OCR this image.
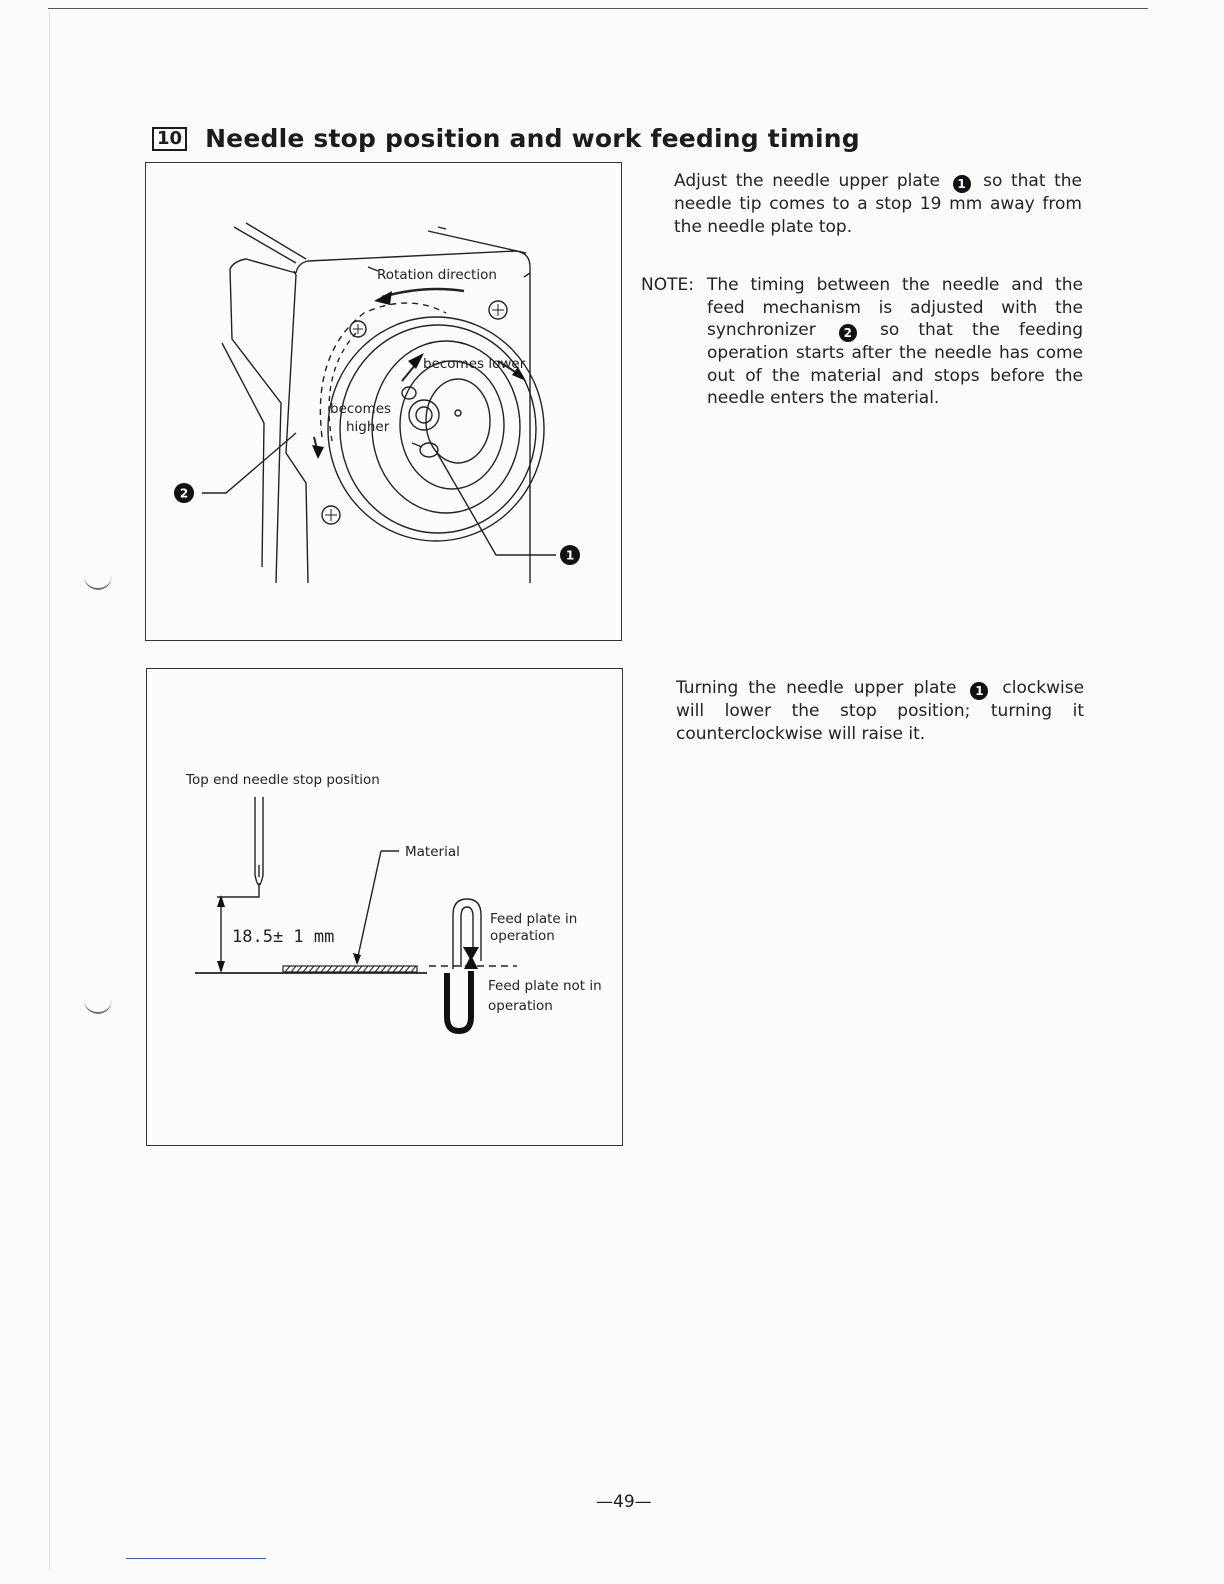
10 Needle stop position and work feeding timing
2
1
Rotation direction
becomes lower
becomes
higher
Top end needle stop position
Material
18.5± 1 mm
Feed plate in
operation
Feed plate not in
operation

Adjust the needle upper plate 1 so that the needle tip comes to a stop 19 mm away from the needle plate top.

NOTE: The timing between the needle and the feed mechanism is adjusted with the synchronizer 2 so that the feeding operation starts after the needle has come out of the material and stops before the needle enters the material.

Turning the needle upper plate 1 clockwise will lower the stop position; turning it counterclockwise will raise it.

—49—
